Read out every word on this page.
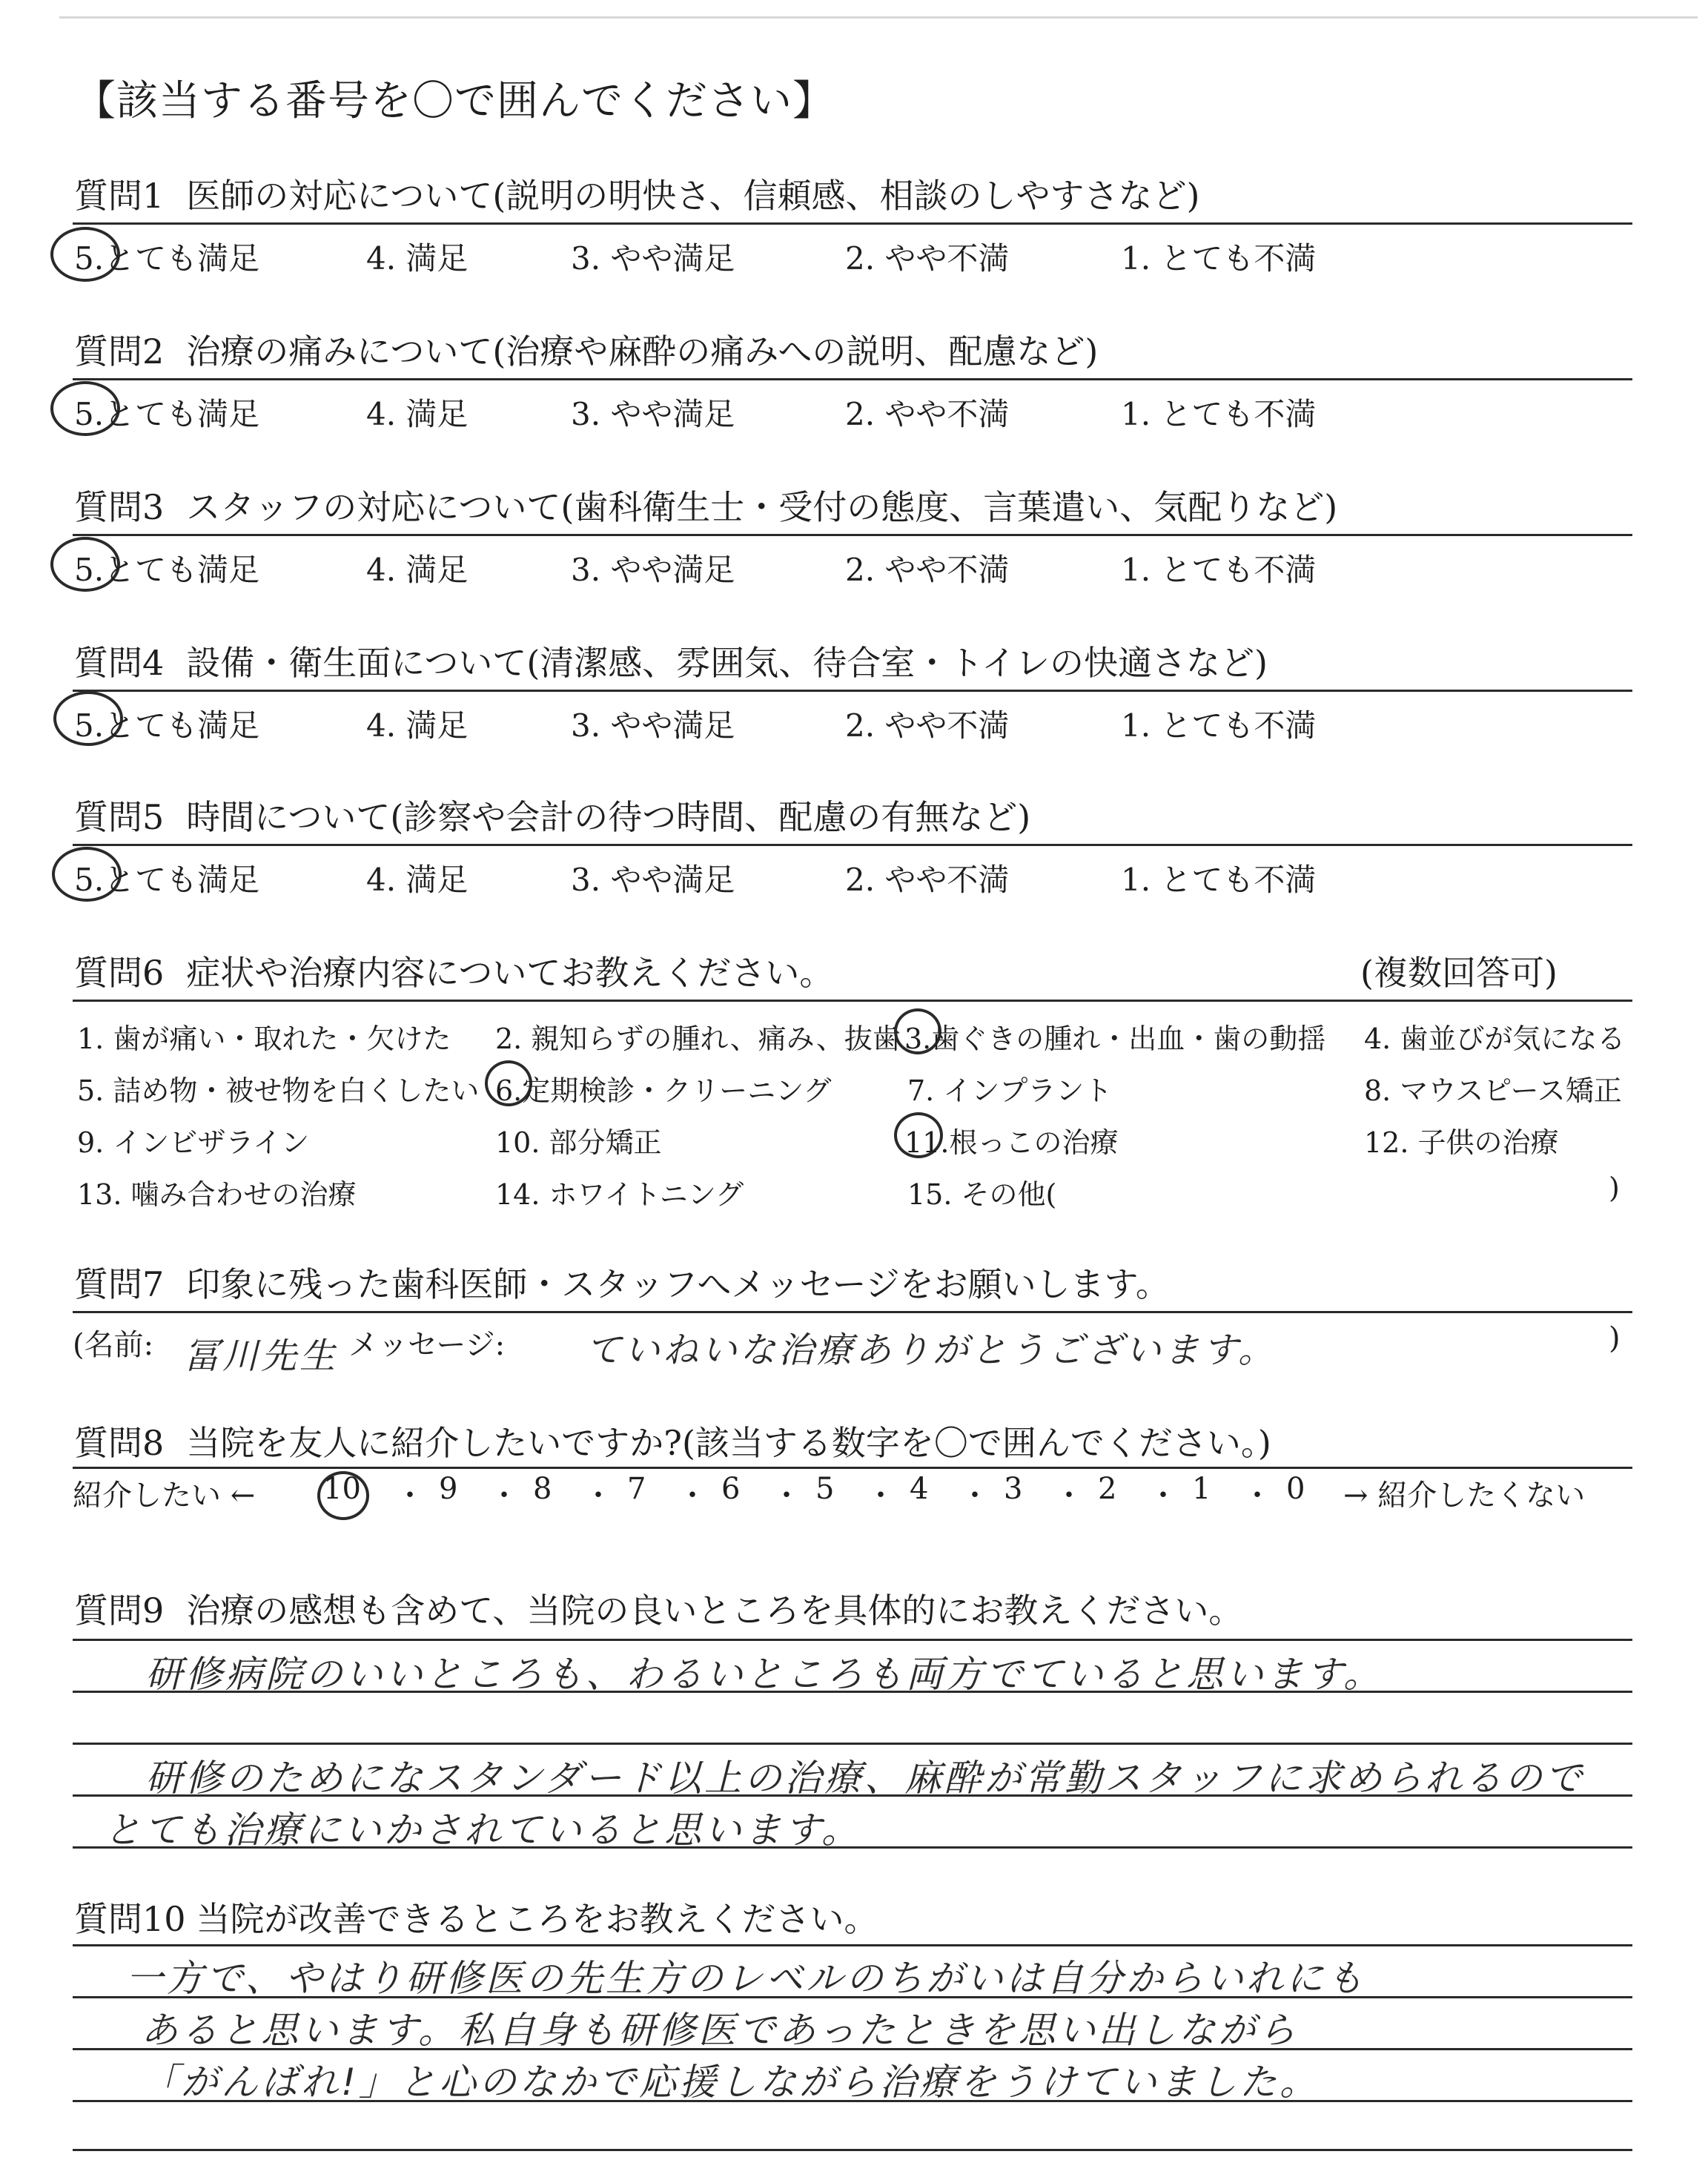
【該当する番号を〇で囲んでください】
質問1 医師の対応について(説明の明快さ、信頼感、相談のしやすさなど)
5.とても満足	4. 満足	3. やや満足	2. やや不満	1. とても不満
質問2 治療の痛みについて(治療や麻酔の痛みへの説明、配慮など)
5.とても満足	4. 満足	3. やや満足	2. やや不満	1. とても不満
質問3 スタッフの対応について(歯科衛生士・受付の態度、言葉遣い、気配りなど)
5.とても満足	4. 満足	3. やや満足	2. やや不満	1. とても不満
質問4 設備・衛生面について(清潔感、雰囲気、待合室・トイレの快適さなど)
5.とても満足	4. 満足	3. やや満足	2. やや不満	1. とても不満
質問5 時間について(診察や会計の待つ時間、配慮の有無など)
5.とても満足	4. 満足	3. やや満足	2. やや不満	1. とても不満
質問6 症状や治療内容についてお教えください。	(複数回答可)
1. 歯が痛い・取れた・欠けた 2. 親知らずの腫れ、痛み、抜歯 3.歯ぐきの腫れ・出血・歯の動揺 4. 歯並びが気になる
5. 詰め物・被せ物を白くしたい 6.定期検診・クリーニング	7. インプラント	8. マウスピース矯正
9. インビザライン	10. 部分矯正	11.根っこの治療	12. 子供の治療
13. 噛み合わせの治療	14. ホワイトニング	15. その他(	)
質問7 印象に残った歯科医師・スタッフへメッセージをお願いします。
(名前:	メッセージ:	)
冨川先生	ていねいな治療ありがとうございます。
質問8 当院を友人に紹介したいですか?(該当する数字を〇で囲んでください。)
紹介したい ← 10 ・ 9 ・ 8 ・ 7 ・ 6 ・ 5 ・ 4 ・ 3 ・ 2 ・ 1 ・ 0 → 紹介したくない
質問9 治療の感想も含めて、当院の良いところを具体的にお教えください。
研修病院のいいところも、わるいところも両方でていると思います。
研修のためになスタンダード以上の治療、麻酔が常勤スタッフに求められるので
とても治療にいかされていると思います。
質問10 当院が改善できるところをお教えください。
一方で、やはり研修医の先生方のレベルのちがいは自分からいれにも
あると思います。私自身も研修医であったときを思い出しながら
「がんばれ!」と心のなかで応援しながら治療をうけていました。
